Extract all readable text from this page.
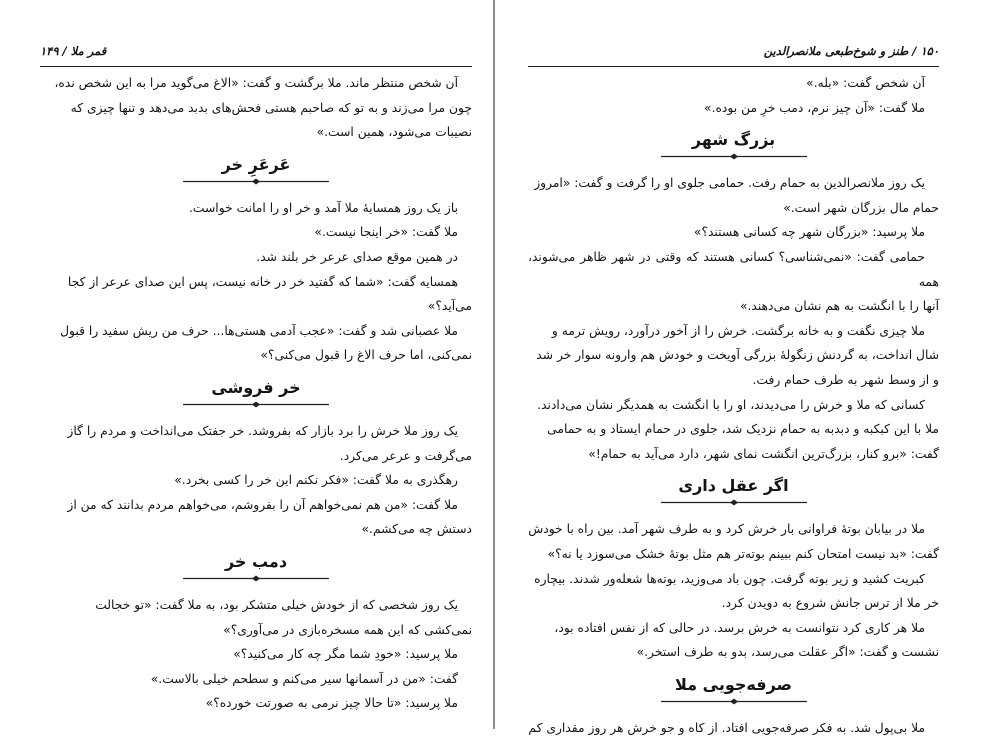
قمر ملا / ۱۴۹

آن شخص منتظر ماند. ملا برگشت و گفت: «الاغ می‌گوید مرا به این شخص نده،

چون مرا می‌زند و به تو که صاحبم هستی فحش‌های بدبد می‌دهد و تنها چیزی که

نصیبات می‌شود، همین است.»

عَرعَرِ خر

باز یک روز همسایهٔ ملا آمد و خر او را امانت خواست.

ملا گفت: «خر اینجا نیست.»

در همین موقع صدای عرعر خر بلند شد.

همسایه گفت: «شما که گفتید خر در خانه نیست، پس این صدای عرعر از کجا

می‌آید؟»

ملا عصبانی شد و گفت: «عجب آدمی هستی‌ها... حرف من ریش سفید را قبول

نمی‌کنی، اما حرف الاغ را قبول می‌کنی؟»

خر فروشی

یک روز ملا خرش را برد بازار که بفروشد. خر جفتک می‌انداخت و مردم را گاز

می‌گرفت و عرعر می‌کرد.

رهگذری به ملا گفت: «فکر نکنم این خر را کسی بخرد.»

ملا گفت: «من هم نمی‌خواهم آن را بفروشم، می‌خواهم مردم بدانند که من از

دستش چه می‌کشم.»

دمب خر

یک روز شخصی که از خودش خیلی متشکر بود، به ملا گفت: «تو خجالت

نمی‌کشی که این همه مسخره‌بازی در می‌آوری؟»

ملا پرسید: «خودِ شما مگر چه کار می‌کنید؟»

گفت: «من در آسمانها سیر می‌کنم و سطحم خیلی بالاست.»

ملا پرسید: «تا حالا چیز نرمی به صورتت خورده؟»

۱۵۰ / طنز و شوخ‌طبعی ملانصرالدین

آن شخص گفت: «بله.»

ملا گفت: «آن چیز نرم، دمب خرِ من بوده.»

بزرگ شهر

یک روز ملانصرالدین به حمام رفت. حمامی جلوی او را گرفت و گفت: «امروز

حمام مال بزرگان شهر است.»

ملا پرسید: «بزرگان شهر چه کسانی هستند؟»

حمامی گفت: «نمی‌شناسی؟ کسانی هستند که وقتی در شهر ظاهر می‌شوند، همه

آنها را با انگشت به هم نشان می‌دهند.»

ملا چیزی نگفت و به خانه برگشت. خرش را از آخور درآورد، رویش ترمه و

شال انداخت، به گردنش زنگولهٔ بزرگی آویخت و خودش هم وارونه سوار خر شد

و از وسط شهر به طرف حمام رفت.

کسانی که ملا و خرش را می‌دیدند، او را با انگشت به همدیگر نشان می‌دادند.

ملا با این کبکبه و دبدبه به حمام نزدیک شد، جلوی در حمام ایستاد و به حمامی

گفت: «برو کنار، بزرگ‌ترین انگشت نمای شهر، دارد می‌آید به حمام!»

اگر عقل داری

ملا در بیابان بوتهٔ فراوانی بار خرش کرد و به طرف شهر آمد. بین راه با خودش

گفت: «بد نیست امتحان کنم ببینم بوته‌تر هم مثل بوتهٔ خشک می‌سوزد یا نه؟»

کبریت کشید و زیر بوته گرفت. چون باد می‌وزید، بوته‌ها شعله‌ور شدند. بیچاره

خر ملا از ترس جانش شروع به دویدن کرد.

ملا هر کاری کرد نتوانست به خرش برسد. در حالی که از نفس افتاده بود،

نشست و گفت: «اگر عقلت می‌رسد، بدو به طرف استخر.»

صرفه‌جویی ملا

ملا بی‌پول شد. به فکر صرفه‌جویی افتاد. از کاه و جو خرش هر روز مقداری کم
